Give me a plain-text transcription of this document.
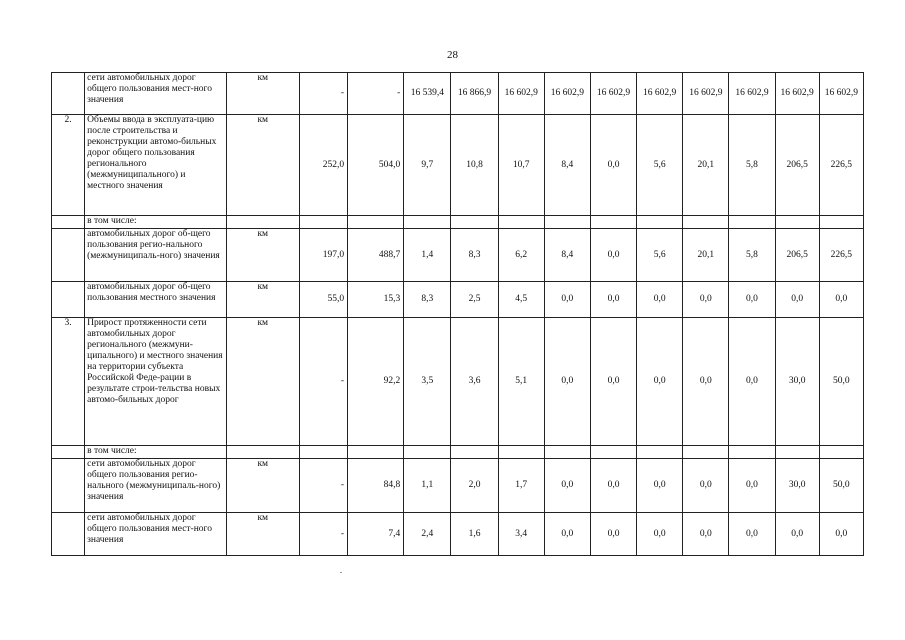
28
	сети автомобильных дорог общего пользования мест-ного значения	км	-	-	16 539,4	16 866,9	16 602,9	16 602,9	16 602,9	16 602,9	16 602,9	16 602,9	16 602,9	16 602,9
2.	Объемы ввода в эксплуата-цию после строительства и реконструкции автомо-бильных дорог общего пользования регионального (межмуниципального) и местного значения	км	252,0	504,0	9,7	10,8	10,7	8,4	0,0	5,6	20,1	5,8	206,5	226,5
	в том числе:													
	автомобильных дорог об-щего пользования регио-нального (межмуниципаль-ного) значения	км	197,0	488,7	1,4	8,3	6,2	8,4	0,0	5,6	20,1	5,8	206,5	226,5
	автомобильных дорог об-щего пользования местного значения	км	55,0	15,3	8,3	2,5	4,5	0,0	0,0	0,0	0,0	0,0	0,0	0,0
3.	Прирост протяженности сети автомобильных дорог регионального (межмуни-ципального) и местного значения на территории субъекта Российской Феде-рации в результате строи-тельства новых автомо-бильных дорог	км	-	92,2	3,5	3,6	5,1	0,0	0,0	0,0	0,0	0,0	30,0	50,0
	в том числе:													
	сети автомобильных дорог общего пользования регио-нального (межмуниципаль-ного) значения	км	-	84,8	1,1	2,0	1,7	0,0	0,0	0,0	0,0	0,0	30,0	50,0
	сети автомобильных дорог общего пользования мест-ного значения	км	-	7,4	2,4	1,6	3,4	0,0	0,0	0,0	0,0	0,0	0,0	0,0
